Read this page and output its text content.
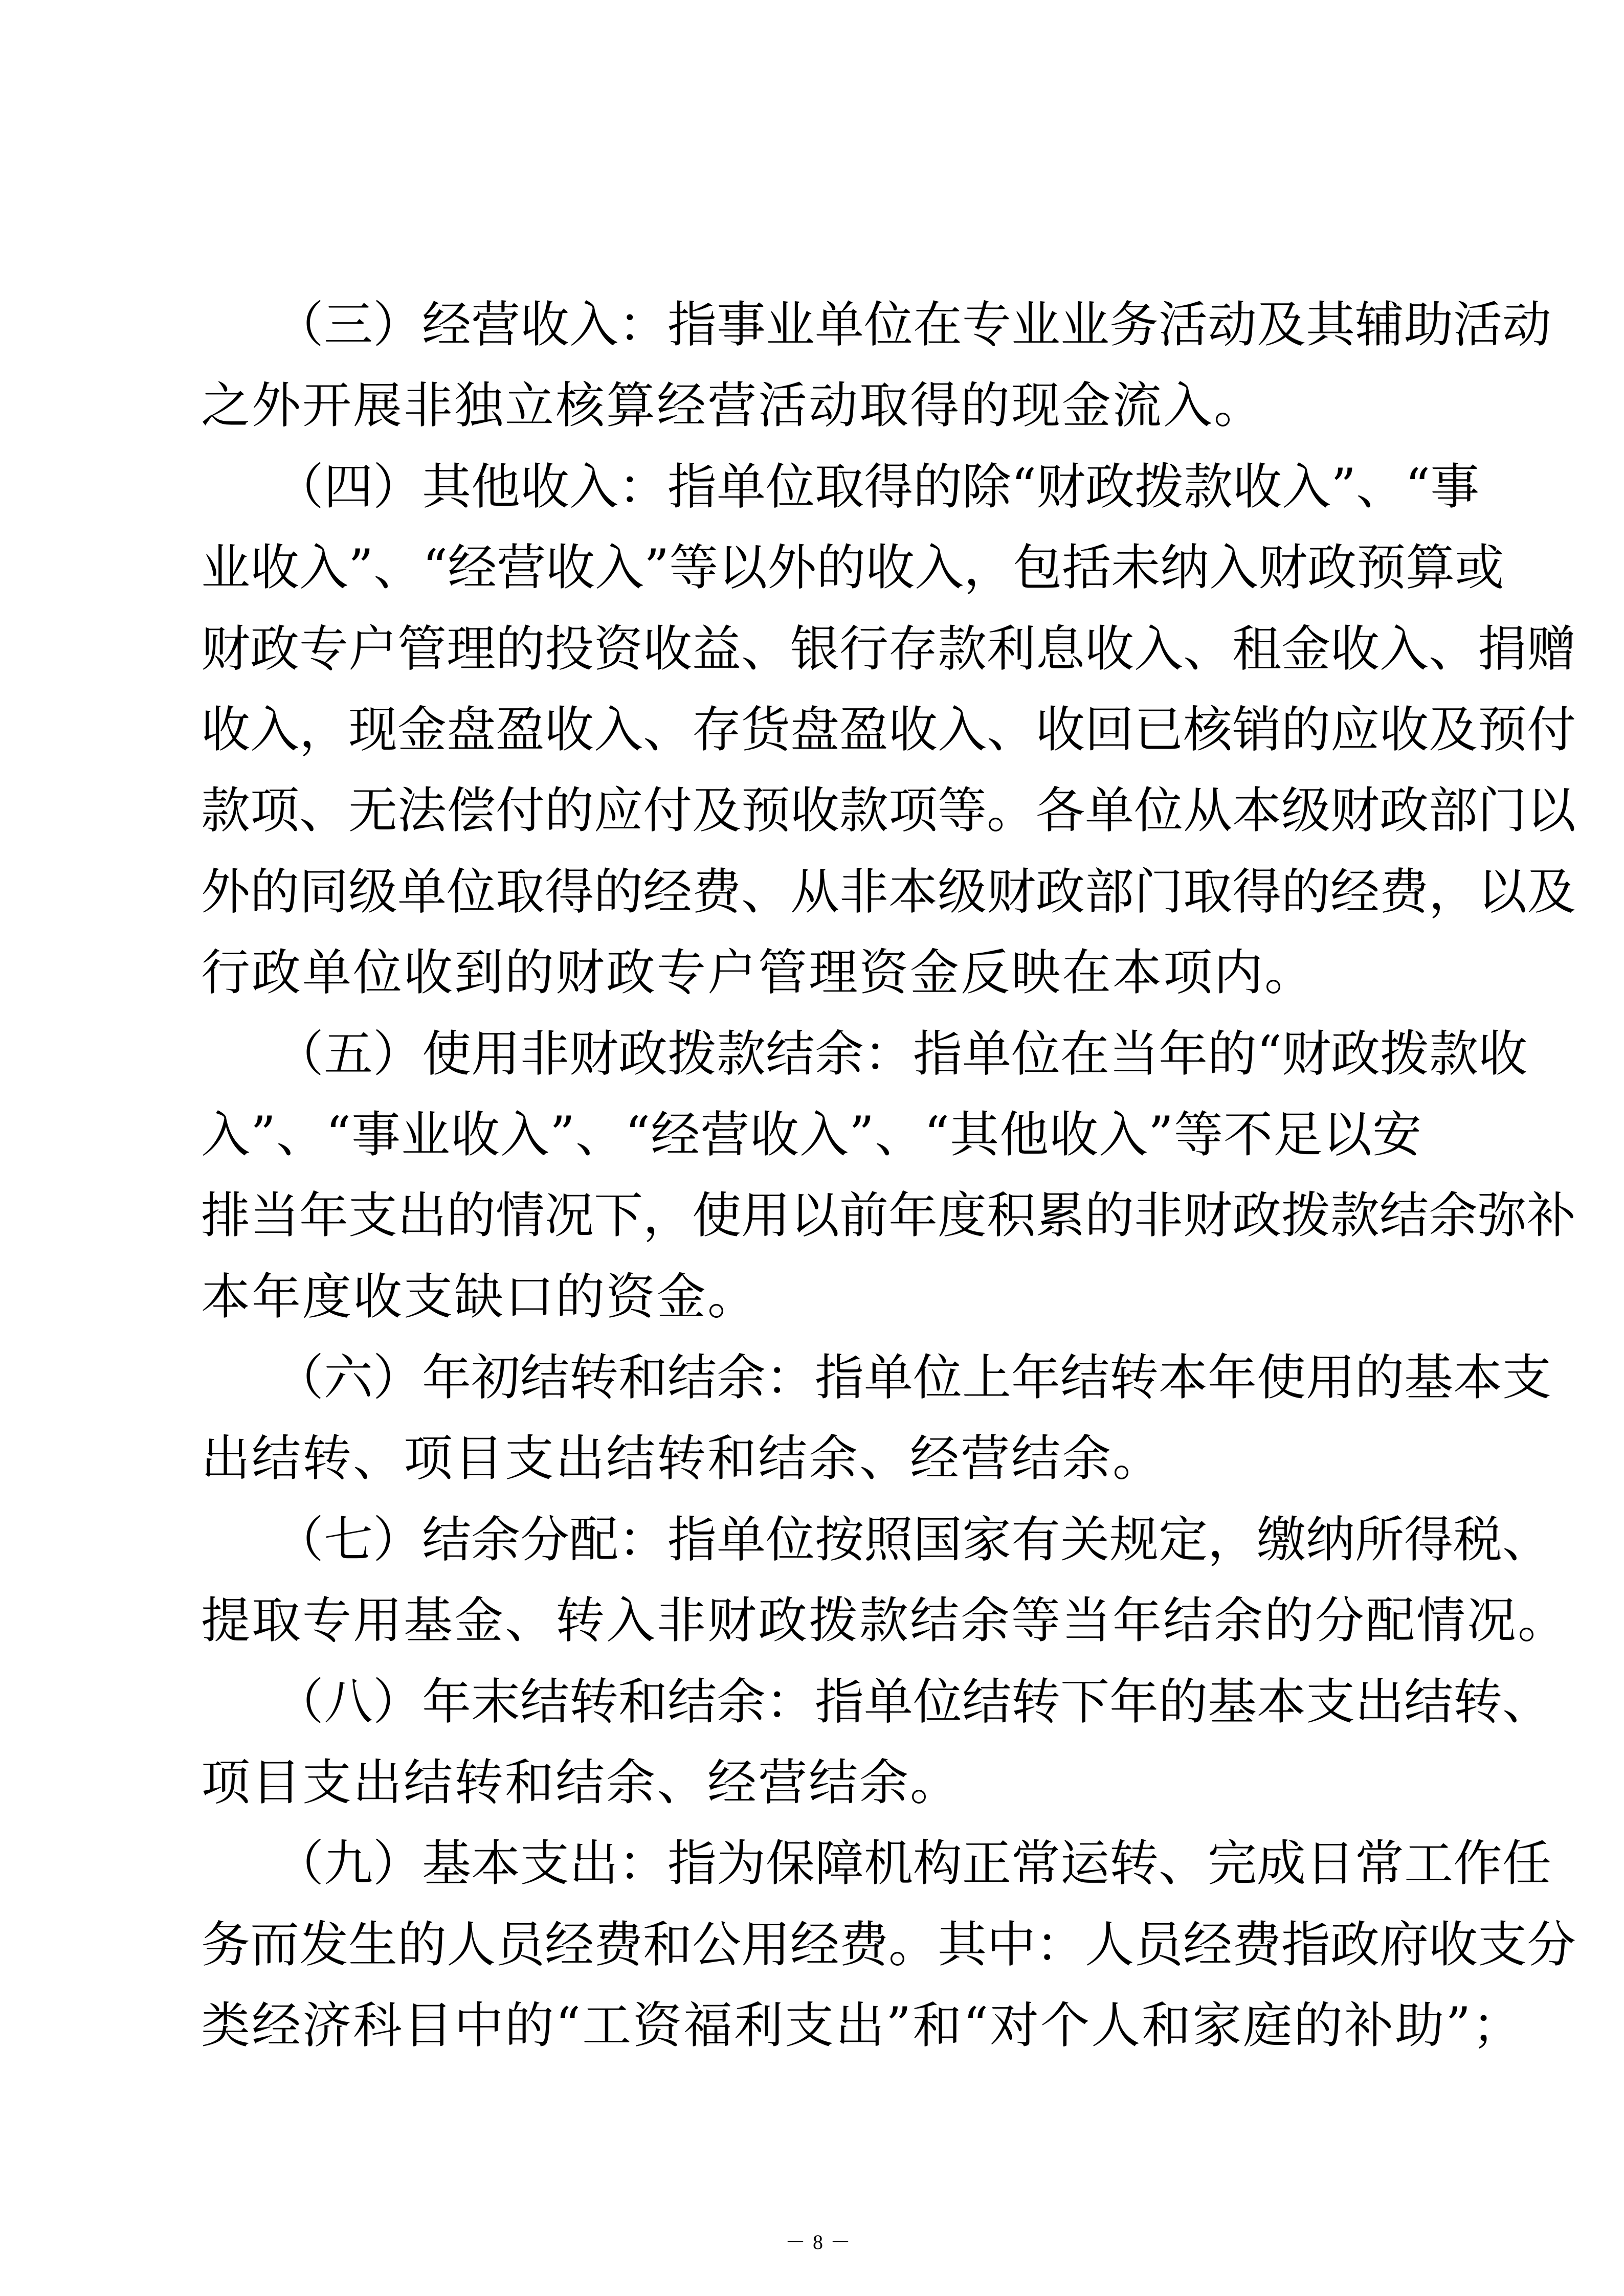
　　（三）经营收入：指事业单位在专业业务活动及其辅助活动
之外开展非独立核算经营活动取得的现金流入。
　　（四）其他收入：指单位取得的除“财政拨款收入”、“事
业收入”、“经营收入”等以外的收入，包括未纳入财政预算或
财政专户管理的投资收益、银行存款利息收入、租金收入、捐赠
收入，现金盘盈收入、存货盘盈收入、收回已核销的应收及预付
款项、无法偿付的应付及预收款项等。各单位从本级财政部门以
外的同级单位取得的经费、从非本级财政部门取得的经费，以及
行政单位收到的财政专户管理资金反映在本项内。
　　（五）使用非财政拨款结余：指单位在当年的“财政拨款收
入”、“事业收入”、“经营收入”、“其他收入”等不足以安
排当年支出的情况下，使用以前年度积累的非财政拨款结余弥补
本年度收支缺口的资金。
　　（六）年初结转和结余：指单位上年结转本年使用的基本支
出结转、项目支出结转和结余、经营结余。
　　（七）结余分配：指单位按照国家有关规定，缴纳所得税、
提取专用基金、转入非财政拨款结余等当年结余的分配情况。
　　（八）年末结转和结余：指单位结转下年的基本支出结转、
项目支出结转和结余、经营结余。
　　（九）基本支出：指为保障机构正常运转、完成日常工作任
务而发生的人员经费和公用经费。其中：人员经费指政府收支分
类经济科目中的“工资福利支出”和“对个人和家庭的补助”；
－ 8 －
